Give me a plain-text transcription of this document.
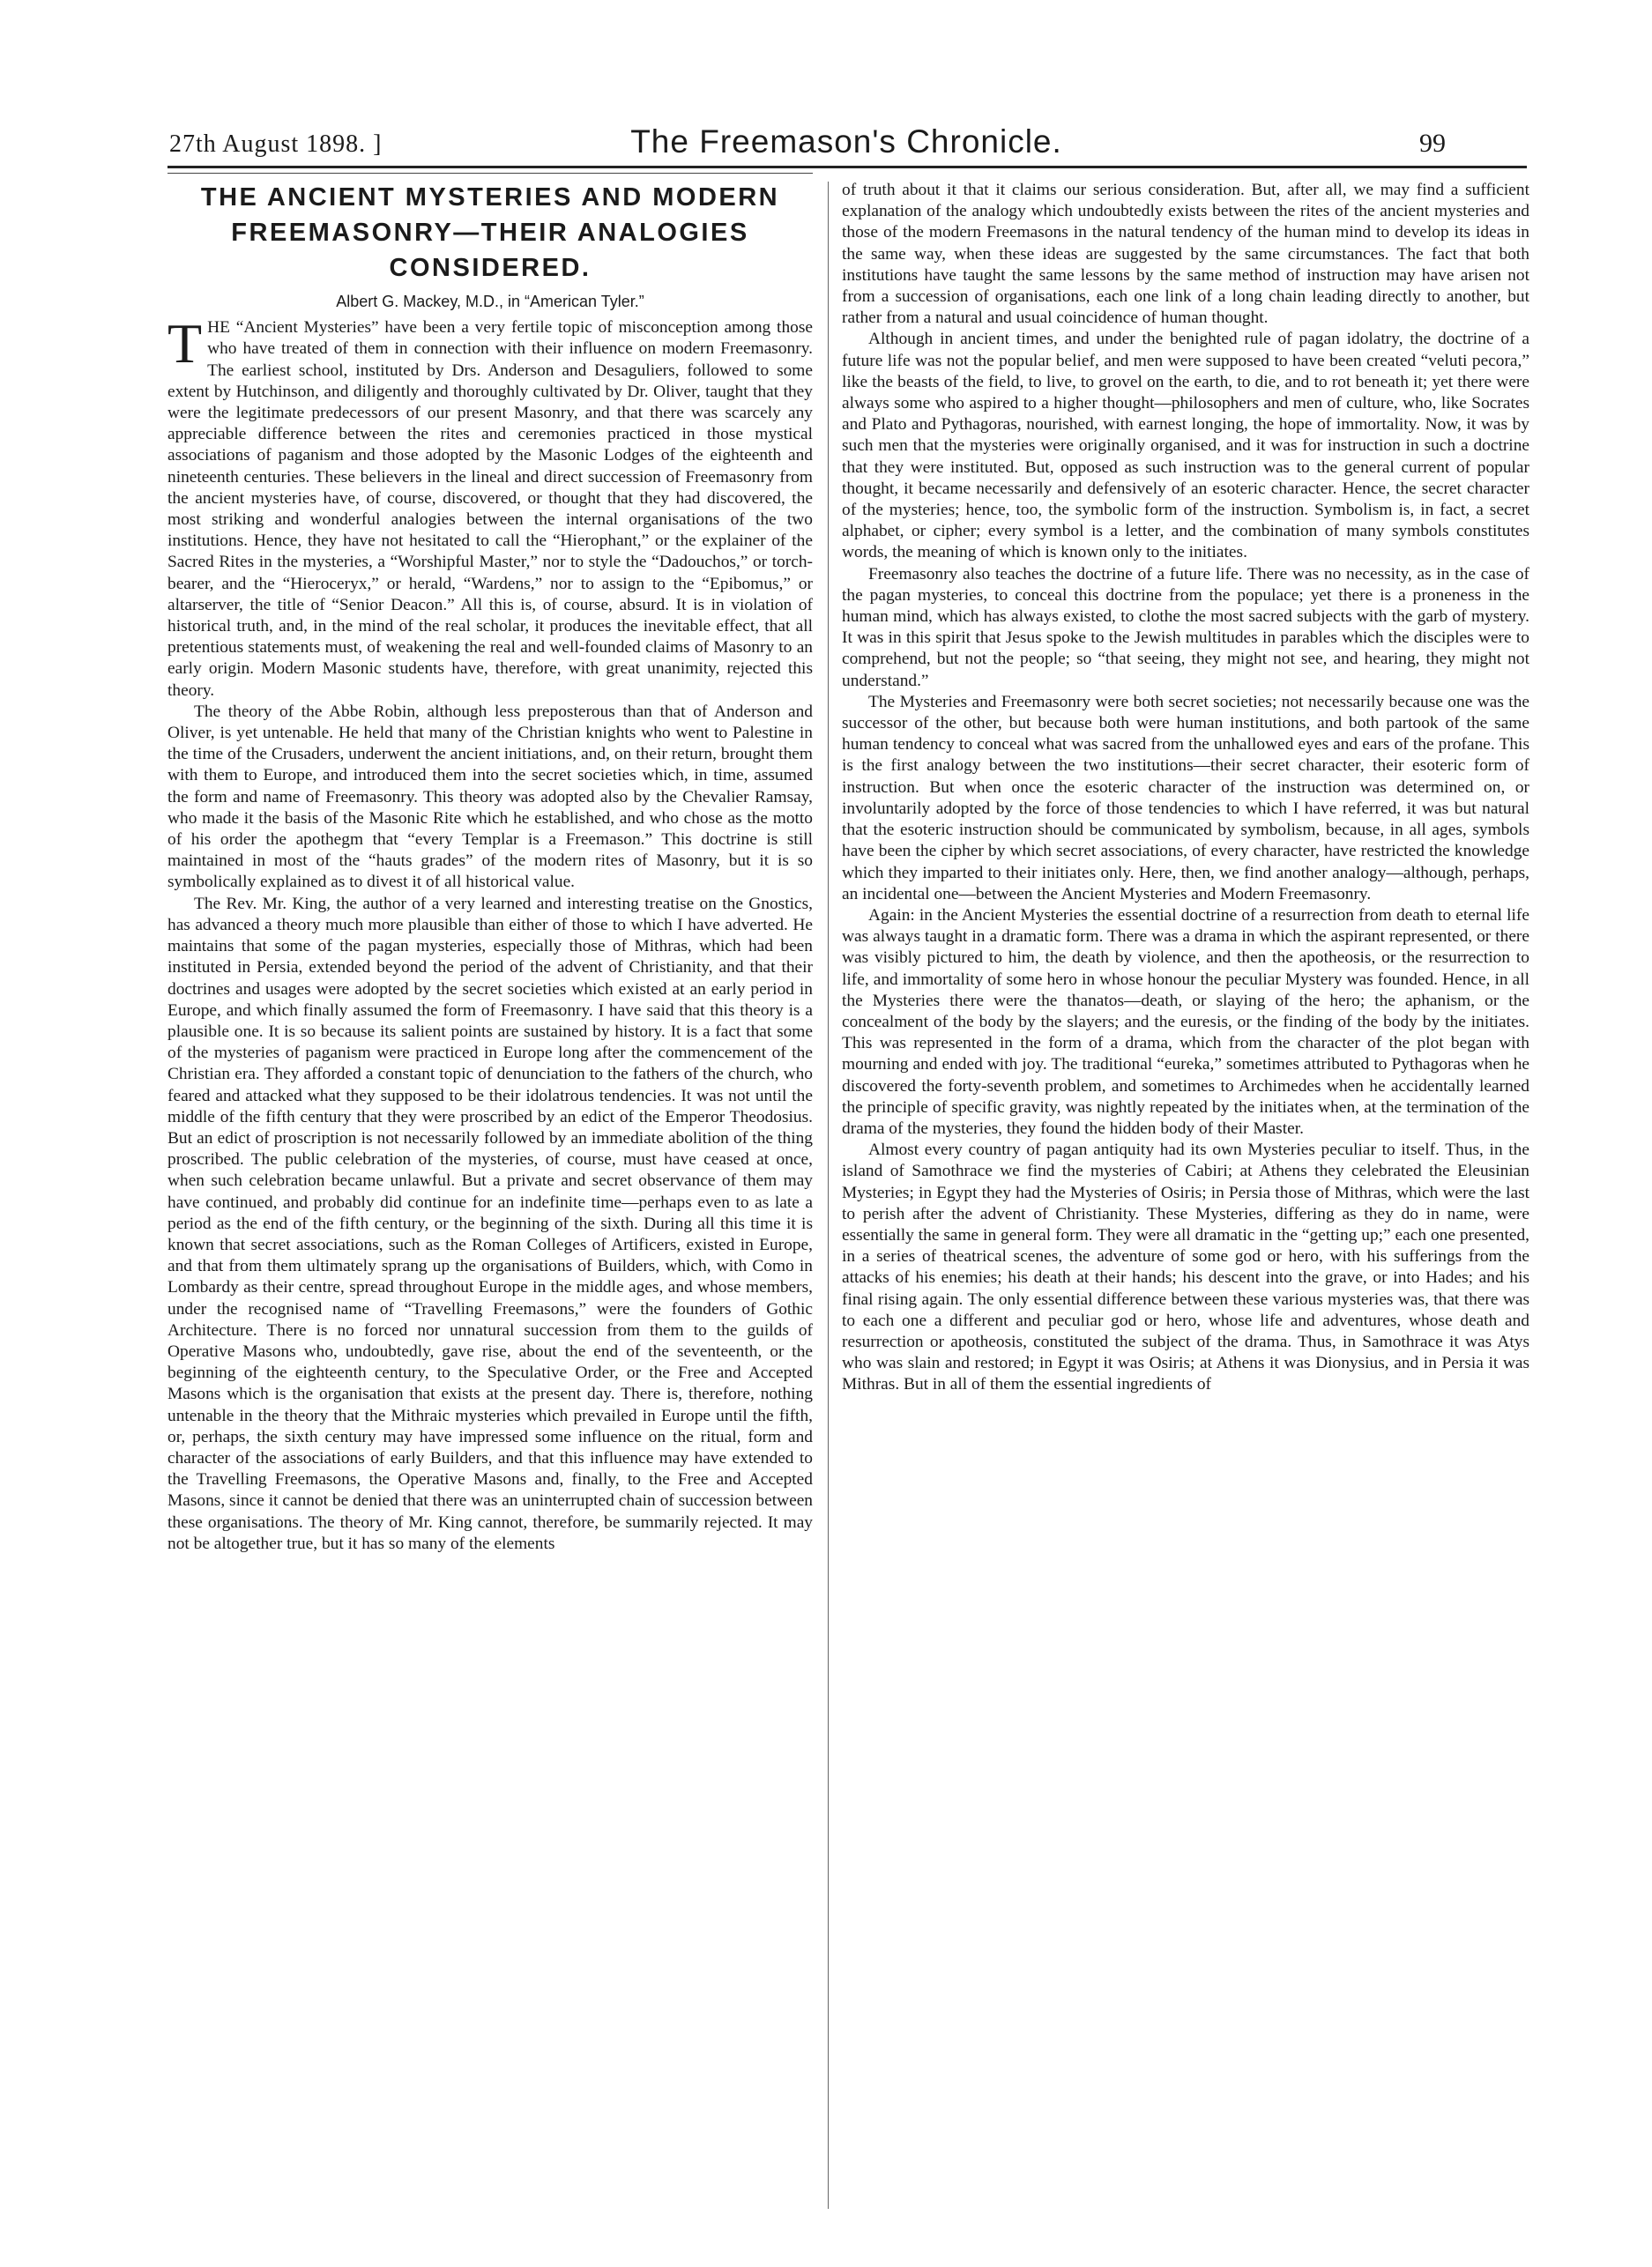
27th August 1898. ]	The Freemason's Chronicle.	99
THE ANCIENT MYSTERIES AND MODERN FREEMASONRY—THEIR ANALOGIES CONSIDERED.
Albert G. Mackey, M.D., in “American Tyler.”

THE “Ancient Mysteries” have been a very fertile topic of misconception among those who have treated of them in connection with their influence on modern Freemasonry. The earliest school, instituted by Drs. Anderson and Desaguliers, followed to some extent by Hutchinson, and diligently and thoroughly cultivated by Dr. Oliver, taught that they were the legitimate predecessors of our present Masonry, and that there was scarcely any appreciable difference between the rites and ceremonies practiced in those mystical associations of paganism and those adopted by the Masonic Lodges of the eighteenth and nineteenth centuries. These believers in the lineal and direct succession of Freemasonry from the ancient mysteries have, of course, discovered, or thought that they had discovered, the most striking and wonderful analogies between the internal organisations of the two institutions. Hence, they have not hesitated to call the “Hierophant,” or the explainer of the Sacred Rites in the mysteries, a “Worshipful Master,” nor to style the “Dadouchos,” or torch-bearer, and the “Hieroceryx,” or herald, “Wardens,” nor to assign to the “Epibomus,” or altarserver, the title of “Senior Deacon.” All this is, of course, absurd. It is in violation of historical truth, and, in the mind of the real scholar, it produces the inevitable effect, that all pretentious statements must, of weakening the real and well-founded claims of Masonry to an early origin. Modern Masonic students have, therefore, with great unanimity, rejected this theory.

The theory of the Abbe Robin, although less preposterous than that of Anderson and Oliver, is yet untenable. He held that many of the Christian knights who went to Palestine in the time of the Crusaders, underwent the ancient initiations, and, on their return, brought them with them to Europe, and introduced them into the secret societies which, in time, assumed the form and name of Freemasonry. This theory was adopted also by the Chevalier Ramsay, who made it the basis of the Masonic Rite which he established, and who chose as the motto of his order the apothegm that “every Templar is a Freemason.” This doctrine is still maintained in most of the “hauts grades” of the modern rites of Masonry, but it is so symbolically explained as to divest it of all historical value.

The Rev. Mr. King, the author of a very learned and interesting treatise on the Gnostics, has advanced a theory much more plausible than either of those to which I have adverted. He maintains that some of the pagan mysteries, especially those of Mithras, which had been instituted in Persia, extended beyond the period of the advent of Christianity, and that their doctrines and usages were adopted by the secret societies which existed at an early period in Europe, and which finally assumed the form of Freemasonry. I have said that this theory is a plausible one. It is so because its salient points are sustained by history. It is a fact that some of the mysteries of paganism were practiced in Europe long after the commencement of the Christian era. They afforded a constant topic of denunciation to the fathers of the church, who feared and attacked what they supposed to be their idolatrous tendencies. It was not until the middle of the fifth century that they were proscribed by an edict of the Emperor Theodosius. But an edict of proscription is not necessarily followed by an immediate abolition of the thing proscribed. The public celebration of the mysteries, of course, must have ceased at once, when such celebration became unlawful. But a private and secret observance of them may have continued, and probably did continue for an indefinite time—perhaps even to as late a period as the end of the fifth century, or the beginning of the sixth. During all this time it is known that secret associations, such as the Roman Colleges of Artificers, existed in Europe, and that from them ultimately sprang up the organisations of Builders, which, with Como in Lombardy as their centre, spread throughout Europe in the middle ages, and whose members, under the recognised name of “Travelling Freemasons,” were the founders of Gothic Architecture. There is no forced nor unnatural succession from them to the guilds of Operative Masons who, undoubtedly, gave rise, about the end of the seventeenth, or the beginning of the eighteenth century, to the Speculative Order, or the Free and Accepted Masons which is the organisation that exists at the present day. There is, therefore, nothing untenable in the theory that the Mithraic mysteries which prevailed in Europe until the fifth, or, perhaps, the sixth century may have impressed some influence on the ritual, form and character of the associations of early Builders, and that this influence may have extended to the Travelling Freemasons, the Operative Masons and, finally, to the Free and Accepted Masons, since it cannot be denied that there was an uninterrupted chain of succession between these organisations. The theory of Mr. King cannot, therefore, be summarily rejected. It may not be altogether true, but it has so many of the elements

of truth about it that it claims our serious consideration. But, after all, we may find a sufficient explanation of the analogy which undoubtedly exists between the rites of the ancient mysteries and those of the modern Freemasons in the natural tendency of the human mind to develop its ideas in the same way, when these ideas are suggested by the same circumstances. The fact that both institutions have taught the same lessons by the same method of instruction may have arisen not from a succession of organisations, each one link of a long chain leading directly to another, but rather from a natural and usual coincidence of human thought.

Although in ancient times, and under the benighted rule of pagan idolatry, the doctrine of a future life was not the popular belief, and men were supposed to have been created “veluti pecora,” like the beasts of the field, to live, to grovel on the earth, to die, and to rot beneath it; yet there were always some who aspired to a higher thought—philosophers and men of culture, who, like Socrates and Plato and Pythagoras, nourished, with earnest longing, the hope of immortality. Now, it was by such men that the mysteries were originally organised, and it was for instruction in such a doctrine that they were instituted. But, opposed as such instruction was to the general current of popular thought, it became necessarily and defensively of an esoteric character. Hence, the secret character of the mysteries; hence, too, the symbolic form of the instruction. Symbolism is, in fact, a secret alphabet, or cipher; every symbol is a letter, and the combination of many symbols constitutes words, the meaning of which is known only to the initiates.

Freemasonry also teaches the doctrine of a future life. There was no necessity, as in the case of the pagan mysteries, to conceal this doctrine from the populace; yet there is a proneness in the human mind, which has always existed, to clothe the most sacred subjects with the garb of mystery. It was in this spirit that Jesus spoke to the Jewish multitudes in parables which the disciples were to comprehend, but not the people; so “that seeing, they might not see, and hearing, they might not understand.”

The Mysteries and Freemasonry were both secret societies; not necessarily because one was the successor of the other, but because both were human institutions, and both partook of the same human tendency to conceal what was sacred from the unhallowed eyes and ears of the profane. This is the first analogy between the two institutions—their secret character, their esoteric form of instruction. But when once the esoteric character of the instruction was determined on, or involuntarily adopted by the force of those tendencies to which I have referred, it was but natural that the esoteric instruction should be communicated by symbolism, because, in all ages, symbols have been the cipher by which secret associations, of every character, have restricted the knowledge which they imparted to their initiates only. Here, then, we find another analogy—although, perhaps, an incidental one—between the Ancient Mysteries and Modern Freemasonry.

Again: in the Ancient Mysteries the essential doctrine of a resurrection from death to eternal life was always taught in a dramatic form. There was a drama in which the aspirant represented, or there was visibly pictured to him, the death by violence, and then the apotheosis, or the resurrection to life, and immortality of some hero in whose honour the peculiar Mystery was founded. Hence, in all the Mysteries there were the thanatos—death, or slaying of the hero; the aphanism, or the concealment of the body by the slayers; and the euresis, or the finding of the body by the initiates. This was represented in the form of a drama, which from the character of the plot began with mourning and ended with joy. The traditional “eureka,” sometimes attributed to Pythagoras when he discovered the forty-seventh problem, and sometimes to Archimedes when he accidentally learned the principle of specific gravity, was nightly repeated by the initiates when, at the termination of the drama of the mysteries, they found the hidden body of their Master.

Almost every country of pagan antiquity had its own Mysteries peculiar to itself. Thus, in the island of Samothrace we find the mysteries of Cabiri; at Athens they celebrated the Eleusinian Mysteries; in Egypt they had the Mysteries of Osiris; in Persia those of Mithras, which were the last to perish after the advent of Christianity. These Mysteries, differing as they do in name, were essentially the same in general form. They were all dramatic in the “getting up;” each one presented, in a series of theatrical scenes, the adventure of some god or hero, with his sufferings from the attacks of his enemies; his death at their hands; his descent into the grave, or into Hades; and his final rising again. The only essential difference between these various mysteries was, that there was to each one a different and peculiar god or hero, whose life and adventures, whose death and resurrection or apotheosis, constituted the subject of the drama. Thus, in Samothrace it was Atys who was slain and restored; in Egypt it was Osiris; at Athens it was Dionysius, and in Persia it was Mithras. But in all of them the essential ingredients of
